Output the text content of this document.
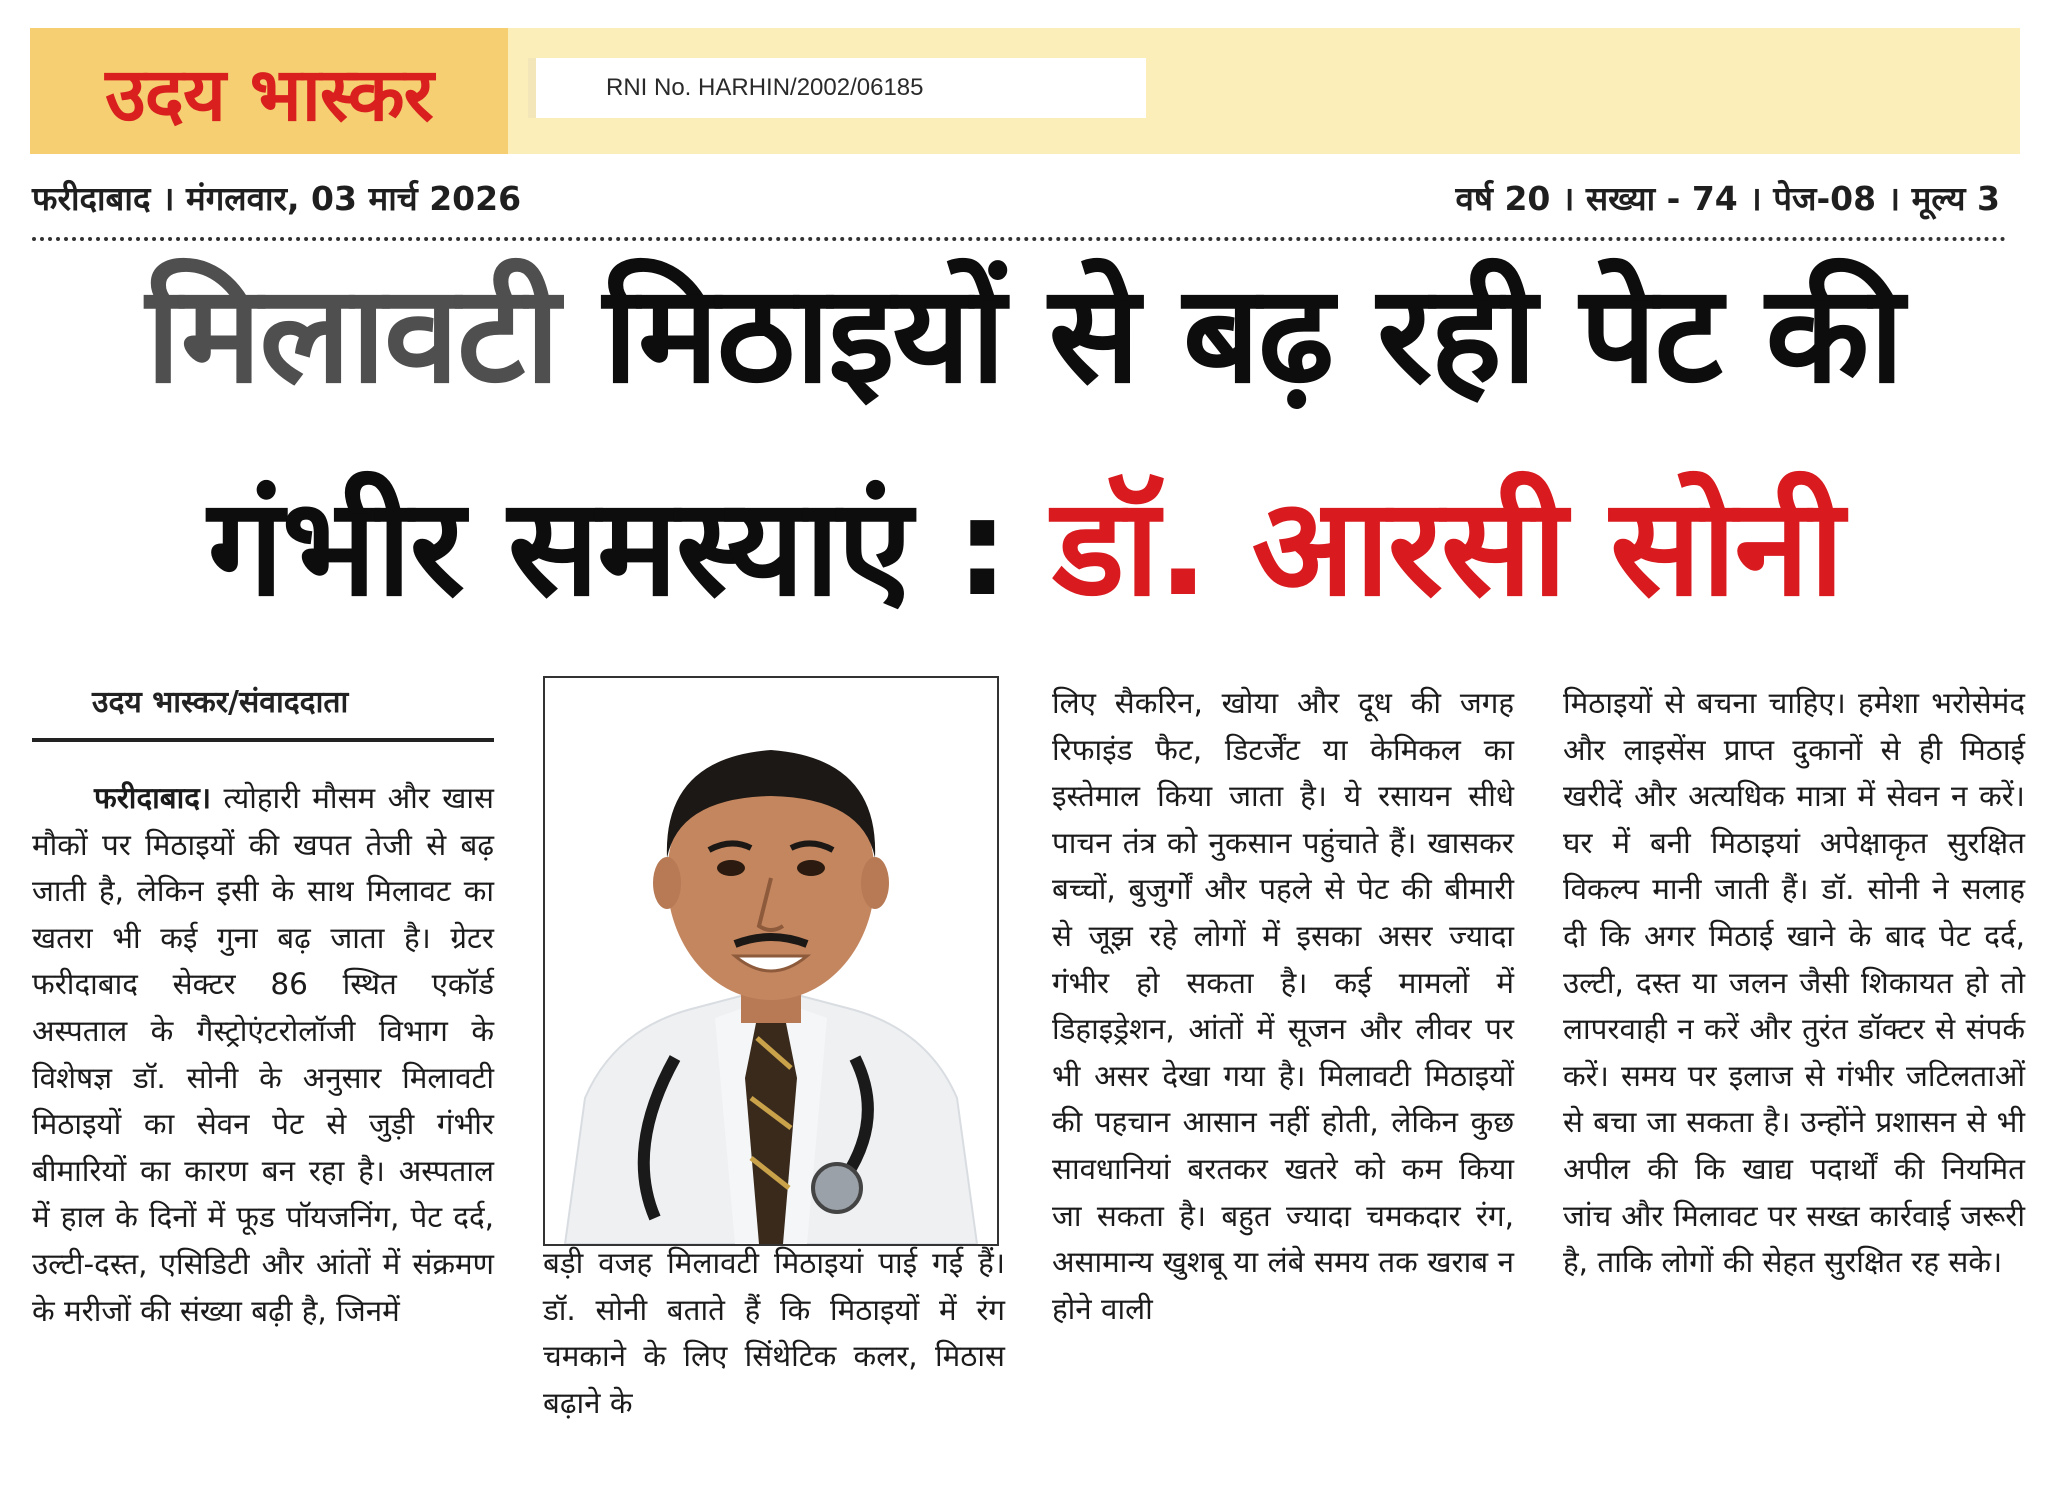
उदय भास्कर	RNI No. HARHIN/2002/06185
फरीदाबाद । मंगलवार, 03 मार्च 2026	वर्ष 20 । सख्या - 74 । पेज-08 । मूल्य 3
मिलावटी मिठाइयों से बढ़ रही पेट की
गंभीर समस्याएं : डॉ. आरसी सोनी
उदय भास्कर/संवाददाता
फरीदाबाद। त्योहारी मौसम और खास मौकों पर मिठाइयों की खपत तेजी से बढ़ जाती है, लेकिन इसी के साथ मिलावट का खतरा भी कई गुना बढ़ जाता है। ग्रेटर फरीदाबाद सेक्टर 86 स्थित एकॉर्ड अस्पताल के गैस्ट्रोएंटरोलॉजी विभाग के विशेषज्ञ डॉ. सोनी के अनुसार मिलावटी मिठाइयों का सेवन पेट से जुड़ी गंभीर बीमारियों का कारण बन रहा है। अस्पताल में हाल के दिनों में फूड पॉयजनिंग, पेट दर्द, उल्टी-दस्त, एसिडिटी और आंतों में संक्रमण के मरीजों की संख्या बढ़ी है, जिनमें
बड़ी वजह मिलावटी मिठाइयां पाई गई हैं। डॉ. सोनी बताते हैं कि मिठाइयों में रंग चमकाने के लिए सिंथेटिक कलर, मिठास बढ़ाने के
लिए सैकरिन, खोया और दूध की जगह रिफाइंड फैट, डिटर्जेंट या केमिकल का इस्तेमाल किया जाता है। ये रसायन सीधे पाचन तंत्र को नुकसान पहुंचाते हैं। खासकर बच्चों, बुजुर्गों और पहले से पेट की बीमारी से जूझ रहे लोगों में इसका असर ज्यादा गंभीर हो सकता है। कई मामलों में डिहाइड्रेशन, आंतों में सूजन और लीवर पर भी असर देखा गया है। मिलावटी मिठाइयों की पहचान आसान नहीं होती, लेकिन कुछ सावधानियां बरतकर खतरे को कम किया जा सकता है। बहुत ज्यादा चमकदार रंग, असामान्य खुशबू या लंबे समय तक खराब न होने वाली
मिठाइयों से बचना चाहिए। हमेशा भरोसेमंद और लाइसेंस प्राप्त दुकानों से ही मिठाई खरीदें और अत्यधिक मात्रा में सेवन न करें। घर में बनी मिठाइयां अपेक्षाकृत सुरक्षित विकल्प मानी जाती हैं। डॉ. सोनी ने सलाह दी कि अगर मिठाई खाने के बाद पेट दर्द, उल्टी, दस्त या जलन जैसी शिकायत हो तो लापरवाही न करें और तुरंत डॉक्टर से संपर्क करें। समय पर इलाज से गंभीर जटिलताओं से बचा जा सकता है। उन्होंने प्रशासन से भी अपील की कि खाद्य पदार्थों की नियमित जांच और मिलावट पर सख्त कार्रवाई जरूरी है, ताकि लोगों की सेहत सुरक्षित रह सके।
